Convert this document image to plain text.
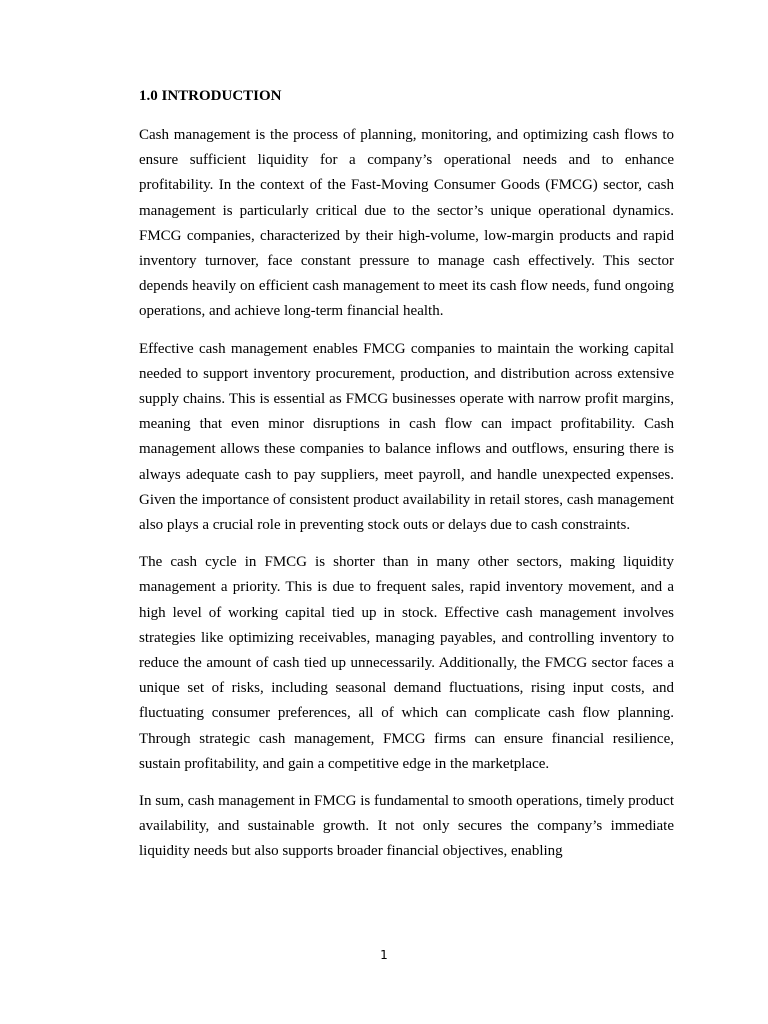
1.0 INTRODUCTION

Cash management is the process of planning, monitoring, and optimizing cash flows to ensure sufficient liquidity for a company’s operational needs and to enhance profitability. In the context of the Fast-Moving Consumer Goods (FMCG) sector, cash management is particularly critical due to the sector’s unique operational dynamics. FMCG companies, characterized by their high-volume, low-margin products and rapid inventory turnover, face constant pressure to manage cash effectively. This sector depends heavily on efficient cash management to meet its cash flow needs, fund ongoing operations, and achieve long-term financial health.

Effective cash management enables FMCG companies to maintain the working capital needed to support inventory procurement, production, and distribution across extensive supply chains. This is essential as FMCG businesses operate with narrow profit margins, meaning that even minor disruptions in cash flow can impact profitability. Cash management allows these companies to balance inflows and outflows, ensuring there is always adequate cash to pay suppliers, meet payroll, and handle unexpected expenses. Given the importance of consistent product availability in retail stores, cash management also plays a crucial role in preventing stock outs or delays due to cash constraints.

The cash cycle in FMCG is shorter than in many other sectors, making liquidity management a priority. This is due to frequent sales, rapid inventory movement, and a high level of working capital tied up in stock. Effective cash management involves strategies like optimizing receivables, managing payables, and controlling inventory to reduce the amount of cash tied up unnecessarily. Additionally, the FMCG sector faces a unique set of risks, including seasonal demand fluctuations, rising input costs, and fluctuating consumer preferences, all of which can complicate cash flow planning. Through strategic cash management, FMCG firms can ensure financial resilience, sustain profitability, and gain a competitive edge in the marketplace.

In sum, cash management in FMCG is fundamental to smooth operations, timely product availability, and sustainable growth. It not only secures the company’s immediate liquidity needs but also supports broader financial objectives, enabling

1
